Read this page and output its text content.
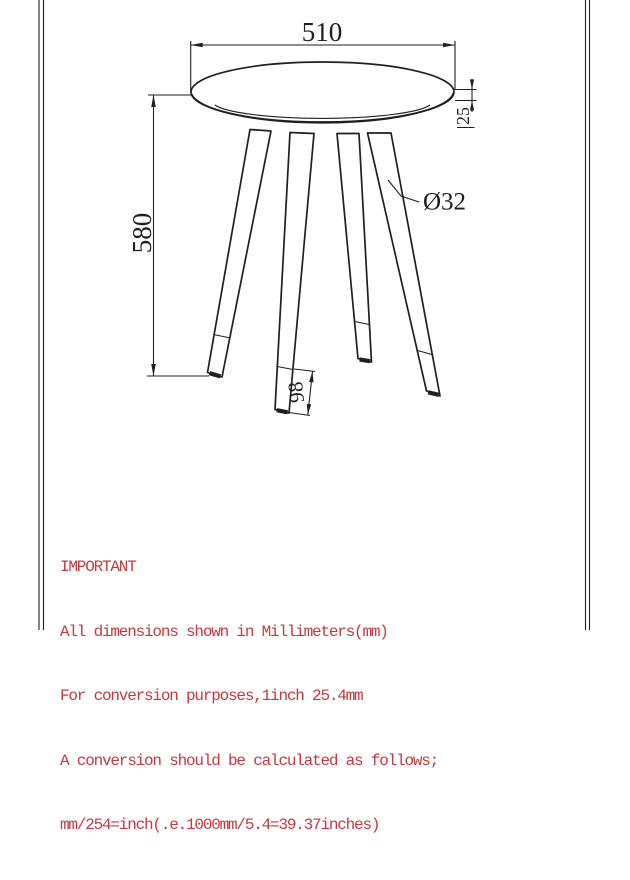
510
580
25
98
Ø32

IMPORTANT

All dimensions shown in Millimeters(mm)

For conversion purposes,1inch 25.4mm

A conversion should be calculated as follows;

mm/254=inch(.e.1000mm/5.4=39.37inches)
